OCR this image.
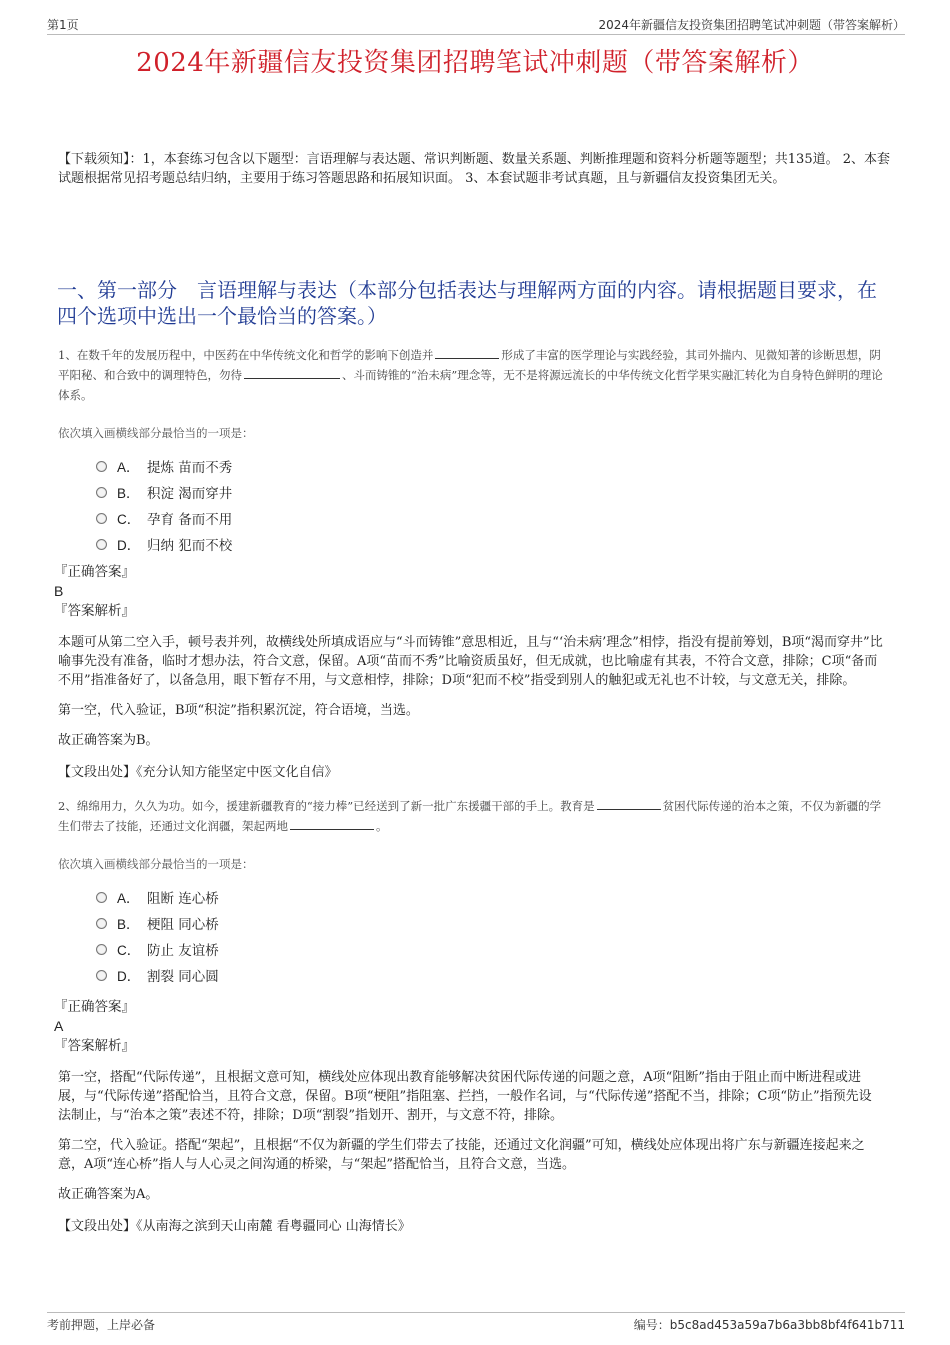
第1页	2024年新疆信友投资集团招聘笔试冲刺题（带答案解析）
2024年新疆信友投资集团招聘笔试冲刺题（带答案解析）

【下载须知】：1，本套练习包含以下题型：言语理解与表达题、常识判断题、数量关系题、判断推理题和资料分析题等题型；共135道。 2、本套试题根据常见招考题总结归纳，主要用于练习答题思路和拓展知识面。 3、本套试题非考试真题，且与新疆信友投资集团无关。

一、第一部分　言语理解与表达（本部分包括表达与理解两方面的内容。请根据题目要求，在四个选项中选出一个最恰当的答案。）

1、在数千年的发展历程中，中医药在中华传统文化和哲学的影响下创造并	形成了丰富的医学理论与实践经验，其司外揣内、见微知著的诊断思想，阴平阳秘、和合致中的调理特色，勿待	、斗而铸锥的“治未病”理念等，无不是将源远流长的中华传统文化哲学果实融汇转化为自身特色鲜明的理论体系。

依次填入画横线部分最恰当的一项是：

A． 提炼 苗而不秀
B． 积淀 渴而穿井
C． 孕育 备而不用
D． 归纳 犯而不校
『正确答案』
B
『答案解析』

本题可从第二空入手，顿号表并列，故横线处所填成语应与“斗而铸锥”意思相近，且与“‘治未病’理念”相悖，指没有提前筹划，B项“渴而穿井”比喻事先没有准备，临时才想办法，符合文意，保留。A项“苗而不秀”比喻资质虽好，但无成就，也比喻虚有其表，不符合文意，排除；C项“备而不用”指准备好了，以备急用，眼下暂存不用，与文意相悖，排除；D项“犯而不校”指受到别人的触犯或无礼也不计较，与文意无关，排除。

第一空，代入验证，B项“积淀”指积累沉淀，符合语境，当选。

故正确答案为B。

【文段出处】《充分认知方能坚定中医文化自信》

2、绵绵用力，久久为功。如今，援建新疆教育的“接力棒”已经送到了新一批广东援疆干部的手上。教育是	贫困代际传递的治本之策，不仅为新疆的学生们带去了技能，还通过文化润疆，架起两地	。

依次填入画横线部分最恰当的一项是：

A． 阻断 连心桥
B． 梗阻 同心桥
C． 防止 友谊桥
D． 割裂 同心圆
『正确答案』
A
『答案解析』

第一空，搭配“代际传递”，且根据文意可知，横线处应体现出教育能够解决贫困代际传递的问题之意，A项“阻断”指由于阻止而中断进程或进展，与“代际传递”搭配恰当，且符合文意，保留。B项“梗阻”指阻塞、拦挡，一般作名词，与“代际传递”搭配不当，排除；C项“防止”指预先设法制止，与“治本之策”表述不符，排除；D项“割裂”指划开、割开，与文意不符，排除。

第二空，代入验证。搭配“架起”，且根据“不仅为新疆的学生们带去了技能，还通过文化润疆”可知，横线处应体现出将广东与新疆连接起来之意，A项“连心桥”指人与人心灵之间沟通的桥梁，与“架起”搭配恰当，且符合文意，当选。

故正确答案为A。

【文段出处】《从南海之滨到天山南麓 看粤疆同心 山海情长》
考前押题，上岸必备	编号：b5c8ad453a59a7b6a3bb8bf4f641b711
